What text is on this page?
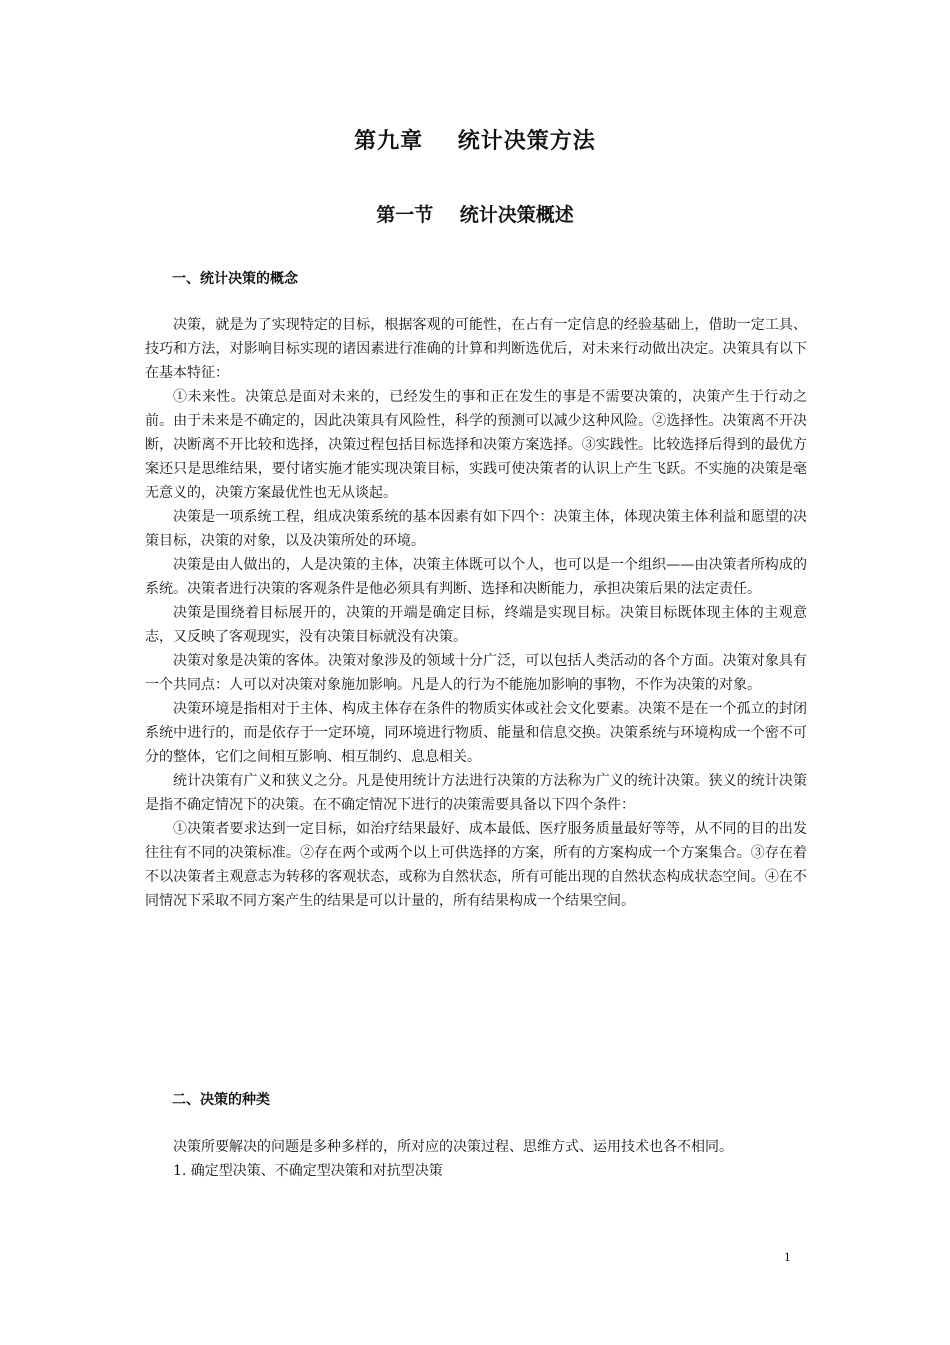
第九章    统计决策方法
第一节    统计决策概述
一、统计决策的概念

决策，就是为了实现特定的目标，根据客观的可能性，在占有一定信息的经验基础上，借助一定工具、技巧和方法，对影响目标实现的诸因素进行准确的计算和判断选优后，对未来行动做出决定。决策具有以下在基本特征：

①未来性。决策总是面对未来的，已经发生的事和正在发生的事是不需要决策的，决策产生于行动之前。由于未来是不确定的，因此决策具有风险性，科学的预测可以减少这种风险。②选择性。决策离不开决断，决断离不开比较和选择，决策过程包括目标选择和决策方案选择。③实践性。比较选择后得到的最优方案还只是思维结果，要付诸实施才能实现决策目标，实践可使决策者的认识上产生飞跃。不实施的决策是毫无意义的，决策方案最优性也无从谈起。

决策是一项系统工程，组成决策系统的基本因素有如下四个：决策主体，体现决策主体利益和愿望的决策目标，决策的对象，以及决策所处的环境。

决策是由人做出的，人是决策的主体，决策主体既可以个人，也可以是一个组织——由决策者所构成的系统。决策者进行决策的客观条件是他必须具有判断、选择和决断能力，承担决策后果的法定责任。

决策是围绕着目标展开的，决策的开端是确定目标，终端是实现目标。决策目标既体现主体的主观意志，又反映了客观现实，没有决策目标就没有决策。

决策对象是决策的客体。决策对象涉及的领域十分广泛，可以包括人类活动的各个方面。决策对象具有一个共同点：人可以对决策对象施加影响。凡是人的行为不能施加影响的事物，不作为决策的对象。

决策环境是指相对于主体、构成主体存在条件的物质实体或社会文化要素。决策不是在一个孤立的封闭系统中进行的，而是依存于一定环境，同环境进行物质、能量和信息交换。决策系统与环境构成一个密不可分的整体，它们之间相互影响、相互制约、息息相关。

统计决策有广义和狭义之分。凡是使用统计方法进行决策的方法称为广义的统计决策。狭义的统计决策是指不确定情况下的决策。在不确定情况下进行的决策需要具备以下四个条件：

①决策者要求达到一定目标，如治疗结果最好、成本最低、医疗服务质量最好等等，从不同的目的出发往往有不同的决策标准。②存在两个或两个以上可供选择的方案，所有的方案构成一个方案集合。③存在着不以决策者主观意志为转移的客观状态，或称为自然状态，所有可能出现的自然状态构成状态空间。④在不同情况下采取不同方案产生的结果是可以计量的，所有结果构成一个结果空间。

二、决策的种类

决策所要解决的问题是多种多样的，所对应的决策过程、思维方式、运用技术也各不相同。

1. 确定型决策、不确定型决策和对抗型决策

1
